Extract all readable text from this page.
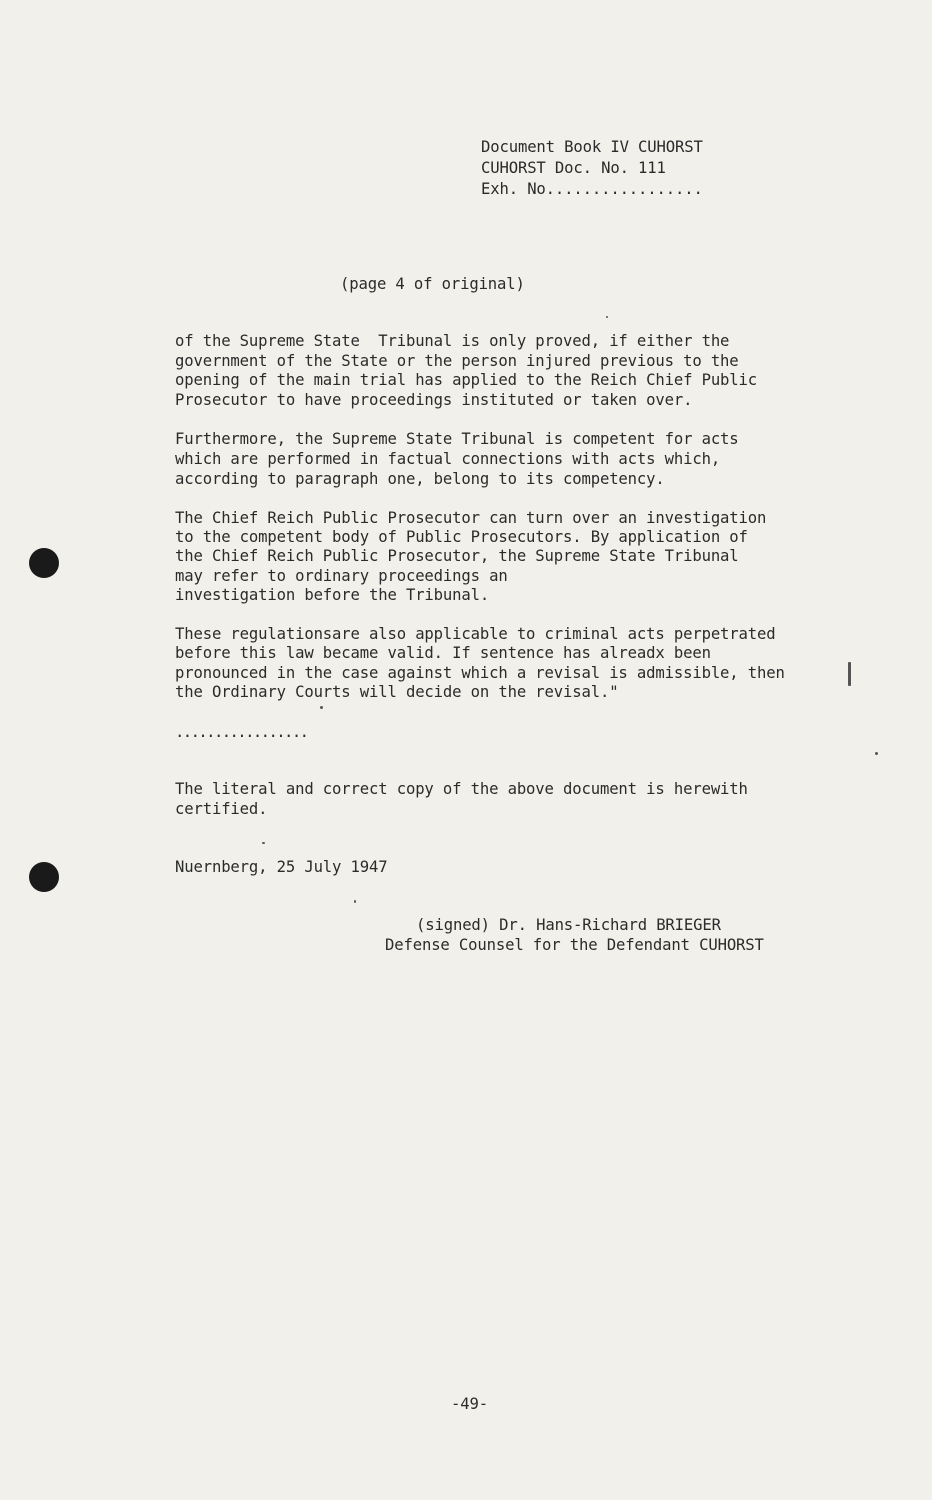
Document Book IV CUHORST
CUHORST Doc. No. 111
Exh. No.................
(page 4 of original)
of the Supreme State  Tribunal is only proved, if either the
government of the State or the person injured previous to the
opening of the main trial has applied to the Reich Chief Public
Prosecutor to have proceedings instituted or taken over.
Furthermore, the Supreme State Tribunal is competent for acts
which are performed in factual connections with acts which,
according to paragraph one, belong to its competency.
The Chief Reich Public Prosecutor can turn over an investigation
to the competent body of Public Prosecutors. By application of
the Chief Reich Public Prosecutor, the Supreme State Tribunal
may refer to ordinary proceedings an
investigation before the Tribunal.
These regulationsare also applicable to criminal acts perpetrated
before this law became valid. If sentence has alreadx been
pronounced in the case against which a revisal is admissible, then
the Ordinary Courts will decide on the revisal."
.................
The literal and correct copy of the above document is herewith
certified.
Nuernberg, 25 July 1947
(signed) Dr. Hans-Richard BRIEGER
Defense Counsel for the Defendant CUHORST
-49-
